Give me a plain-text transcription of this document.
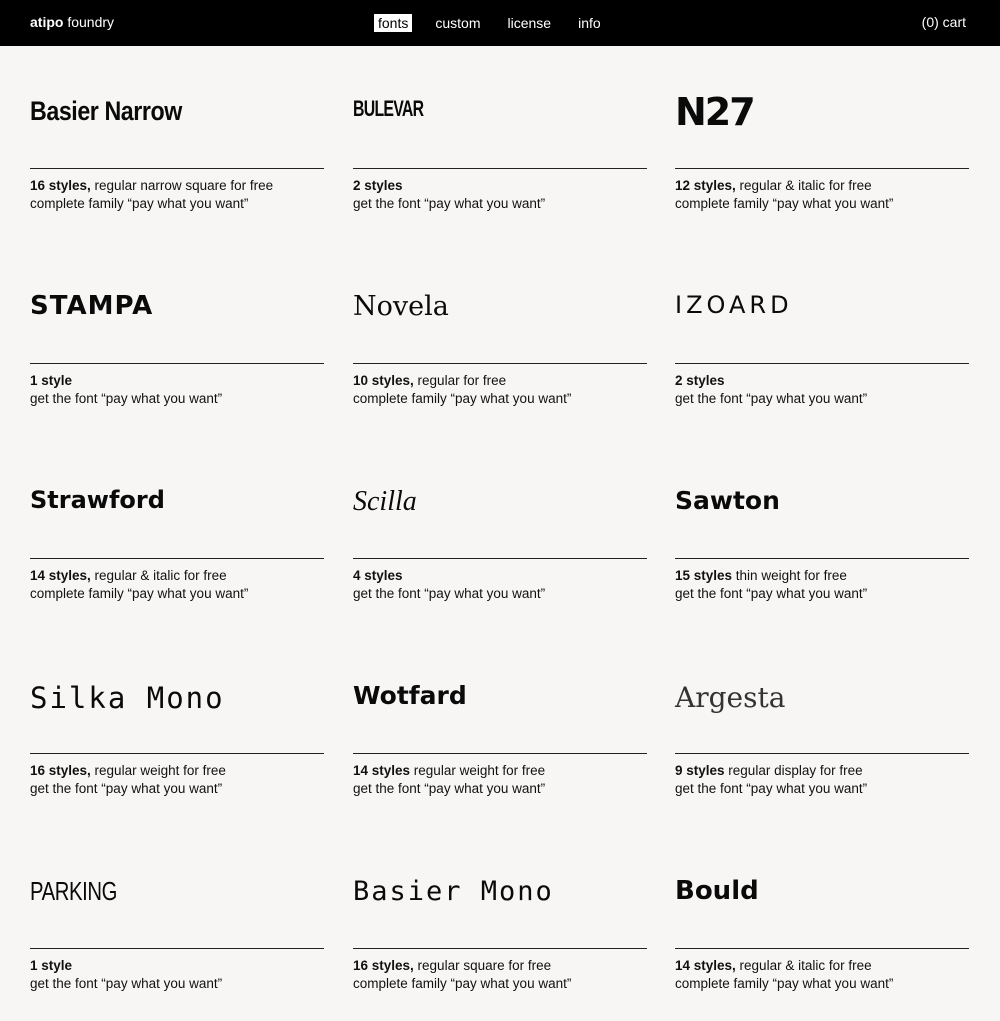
atipo foundry	fonts custom license info	(0) cart
Basier Narrow
16 styles, regular narrow square for free
complete family “pay what you want”
BULEVAR
2 styles
get the font “pay what you want”
N27
12 styles, regular & italic for free
complete family “pay what you want”
STAMPA
1 style
get the font “pay what you want”
Novela
10 styles, regular for free
complete family “pay what you want”
IZOARD
2 styles
get the font “pay what you want”
Strawford
14 styles, regular & italic for free
complete family “pay what you want”
Scilla
4 styles
get the font “pay what you want”
Sawton
15 styles thin weight for free
get the font “pay what you want”
Silka Mono
16 styles, regular weight for free
get the font “pay what you want”
Wotfard
14 styles regular weight for free
get the font “pay what you want”
Argesta
9 styles regular display for free
get the font “pay what you want”
PARKING
1 style
get the font “pay what you want”
Basier Mono
16 styles, regular square for free
complete family “pay what you want”
Bould
14 styles, regular & italic for free
complete family “pay what you want”
